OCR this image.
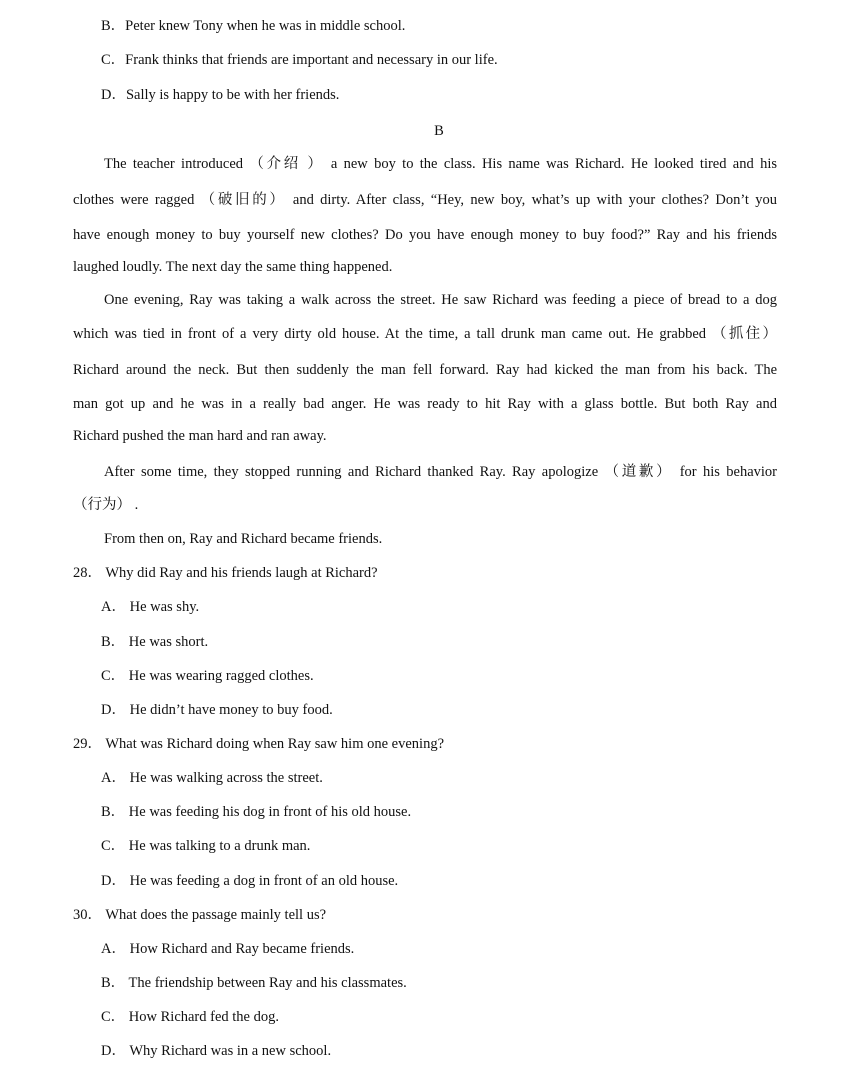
B．Peter knew Tony when he was in middle school.
C．Frank thinks that friends are important and necessary in our life.
D．Sally is happy to be with her friends.
B
The teacher introduced （介绍 ） a new boy to the class. His name was Richard. He looked tired and his
clothes were ragged （破旧的） and dirty. After class, “Hey, new boy, what’s up with your clothes? Don’t you
have enough money to buy yourself new clothes? Do you have enough money to buy food?” Ray and his friends
laughed loudly. The next day the same thing happened.
One evening, Ray was taking a walk across the street. He saw Richard was feeding a piece of bread to a dog
which was tied in front of a very dirty old house. At the time, a tall drunk man came out. He grabbed （抓住）
Richard around the neck. But then suddenly the man fell forward. Ray had kicked the man from his back. The
man got up and he was in a really bad anger. He was ready to hit Ray with a glass bottle. But both Ray and
Richard pushed the man hard and ran away.
After some time, they stopped running and Richard thanked Ray. Ray apologize （道歉） for his behavior
（行为） .
From then on, Ray and Richard became friends.
28． Why did Ray and his friends laugh at Richard?
A． He was shy.
B． He was short.
C． He was wearing ragged clothes.
D． He didn’t have money to buy food.
29． What was Richard doing when Ray saw him one evening?
A． He was walking across the street.
B． He was feeding his dog in front of his old house.
C． He was talking to a drunk man.
D． He was feeding a dog in front of an old house.
30． What does the passage mainly tell us?
A． How Richard and Ray became friends.
B． The friendship between Ray and his classmates.
C． How Richard fed the dog.
D． Why Richard was in a new school.
